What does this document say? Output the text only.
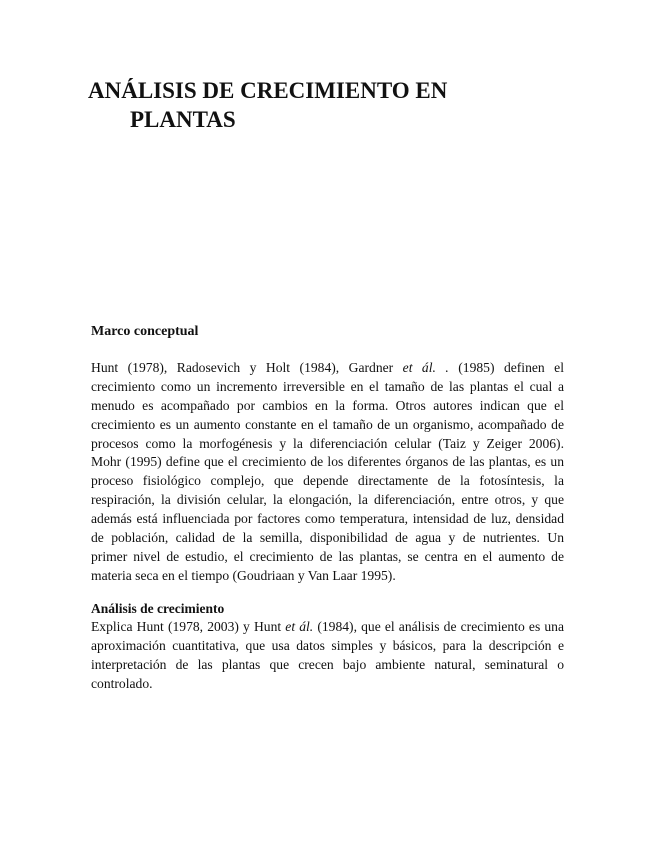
ANÁLISIS DE CRECIMIENTO EN
PLANTAS
Marco conceptual
Hunt (1978), Radosevich y Holt (1984), Gardner et ál. . (1985) definen el
crecimiento como un incremento irreversible en el tamaño de las plantas el cual a
menudo es acompañado por cambios en la forma. Otros autores indican que el
crecimiento es un aumento constante en el tamaño de un organismo, acompañado de
procesos como la morfogénesis y la diferenciación celular (Taiz y Zeiger 2006).
Mohr (1995) define que el crecimiento de los diferentes órganos de las plantas, es un
proceso fisiológico complejo, que depende directamente de la fotosíntesis, la
respiración, la división celular, la elongación, la diferenciación, entre otros, y que
además está influenciada por factores como temperatura, intensidad de luz, densidad
de población, calidad de la semilla, disponibilidad de agua y de nutrientes. Un
primer nivel de estudio, el crecimiento de las plantas, se centra en el aumento de
materia seca en el tiempo (Goudriaan y Van Laar 1995).
Análisis de crecimiento
Explica Hunt (1978, 2003) y Hunt et ál. (1984), que el análisis de crecimiento es una
aproximación cuantitativa, que usa datos simples y básicos, para la descripción e
interpretación de las plantas que crecen bajo ambiente natural, seminatural o
controlado.
